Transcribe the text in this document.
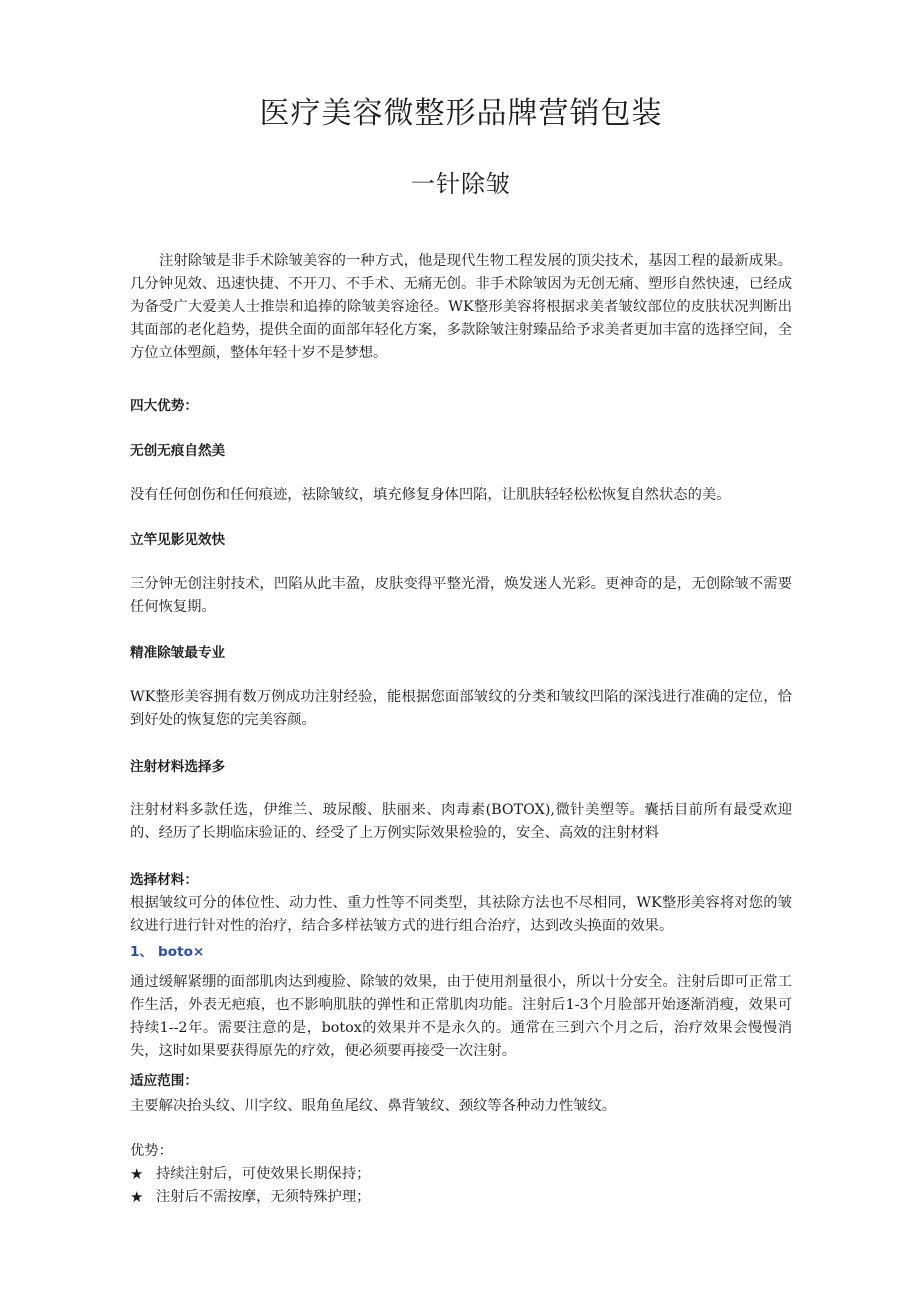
医疗美容微整形品牌营销包装
一针除皱

注射除皱是非手术除皱美容的一种方式，他是现代生物工程发展的顶尖技术，基因工程的最新成果。几分钟见效、迅速快捷、不开刀、不手术、无痛无创。非手术除皱因为无创无痛、塑形自然快速，已经成为备受广大爱美人士推崇和追捧的除皱美容途径。WK整形美容将根据求美者皱纹部位的皮肤状况判断出其面部的老化趋势，提供全面的面部年轻化方案，多款除皱注射臻品给予求美者更加丰富的选择空间，全方位立体塑颜，整体年轻十岁不是梦想。

四大优势：

无创无痕自然美

没有任何创伤和任何痕迹，祛除皱纹，填充修复身体凹陷，让肌肤轻轻松松恢复自然状态的美。

立竿见影见效快

三分钟无创注射技术，凹陷从此丰盈，皮肤变得平整光滑，焕发迷人光彩。更神奇的是，无创除皱不需要任何恢复期。

精准除皱最专业

WK整形美容拥有数万例成功注射经验，能根据您面部皱纹的分类和皱纹凹陷的深浅进行准确的定位，恰到好处的恢复您的完美容颜。

注射材料选择多

注射材料多款任选，伊维兰、玻尿酸、肤丽来、肉毒素(BOTOX),微针美塑等。囊括目前所有最受欢迎的、经历了长期临床验证的、经受了上万例实际效果检验的，安全、高效的注射材料

选择材料：

根据皱纹可分的体位性、动力性、重力性等不同类型，其祛除方法也不尽相同，WK整形美容将对您的皱纹进行进行针对性的治疗，结合多样祛皱方式的进行组合治疗，达到改头换面的效果。

1、 boto×

通过缓解紧绷的面部肌肉达到瘦脸、除皱的效果，由于使用剂量很小，所以十分安全。注射后即可正常工作生活，外表无疤痕，也不影响肌肤的弹性和正常肌肉功能。注射后1-3个月脸部开始逐渐消瘦，效果可持续1--2年。需要注意的是，botox的效果并不是永久的。通常在三到六个月之后，治疗效果会慢慢消失，这时如果要获得原先的疗效，便必须要再接受一次注射。

适应范围：

主要解决抬头纹、川字纹、眼角鱼尾纹、鼻背皱纹、颈纹等各种动力性皱纹。

优势：

★ 持续注射后，可使效果长期保持；

★ 注射后不需按摩，无须特殊护理；
